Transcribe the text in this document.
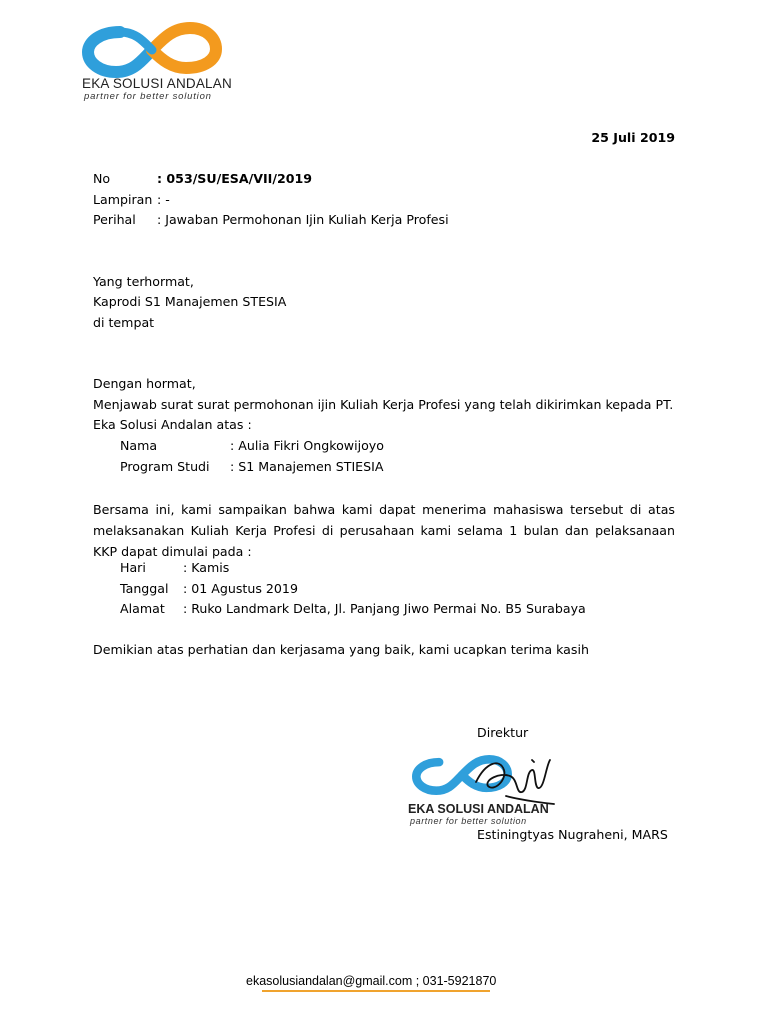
EKA SOLUSI ANDALAN
partner for better solution
25 Juli 2019
No	: 053/SU/ESA/VII/2019
Lampiran : -
Perihal : Jawaban Permohonan Ijin Kuliah Kerja Profesi
Yang terhormat,
Kaprodi S1 Manajemen STESIA
di tempat
Dengan hormat,
Menjawab surat surat permohonan ijin Kuliah Kerja Profesi yang telah dikirimkan kepada PT.
Eka Solusi Andalan atas :
Nama	: Aulia Fikri Ongkowijoyo
Program Studi : S1 Manajemen STIESIA
Bersama ini, kami sampaikan bahwa kami dapat menerima mahasiswa tersebut di atas melaksanakan Kuliah Kerja Profesi di perusahaan kami selama 1 bulan dan pelaksanaan KKP dapat dimulai pada :
Hari	: Kamis
Tanggal : 01 Agustus 2019
Alamat : Ruko Landmark Delta, Jl. Panjang Jiwo Permai No. B5 Surabaya
Demikian atas perhatian dan kerjasama yang baik, kami ucapkan terima kasih
Direktur
EKA SOLUSI ANDALAN
partner for better solution
Estiningtyas Nugraheni, MARS
ekasolusiandalan@gmail.com ; 031-5921870
